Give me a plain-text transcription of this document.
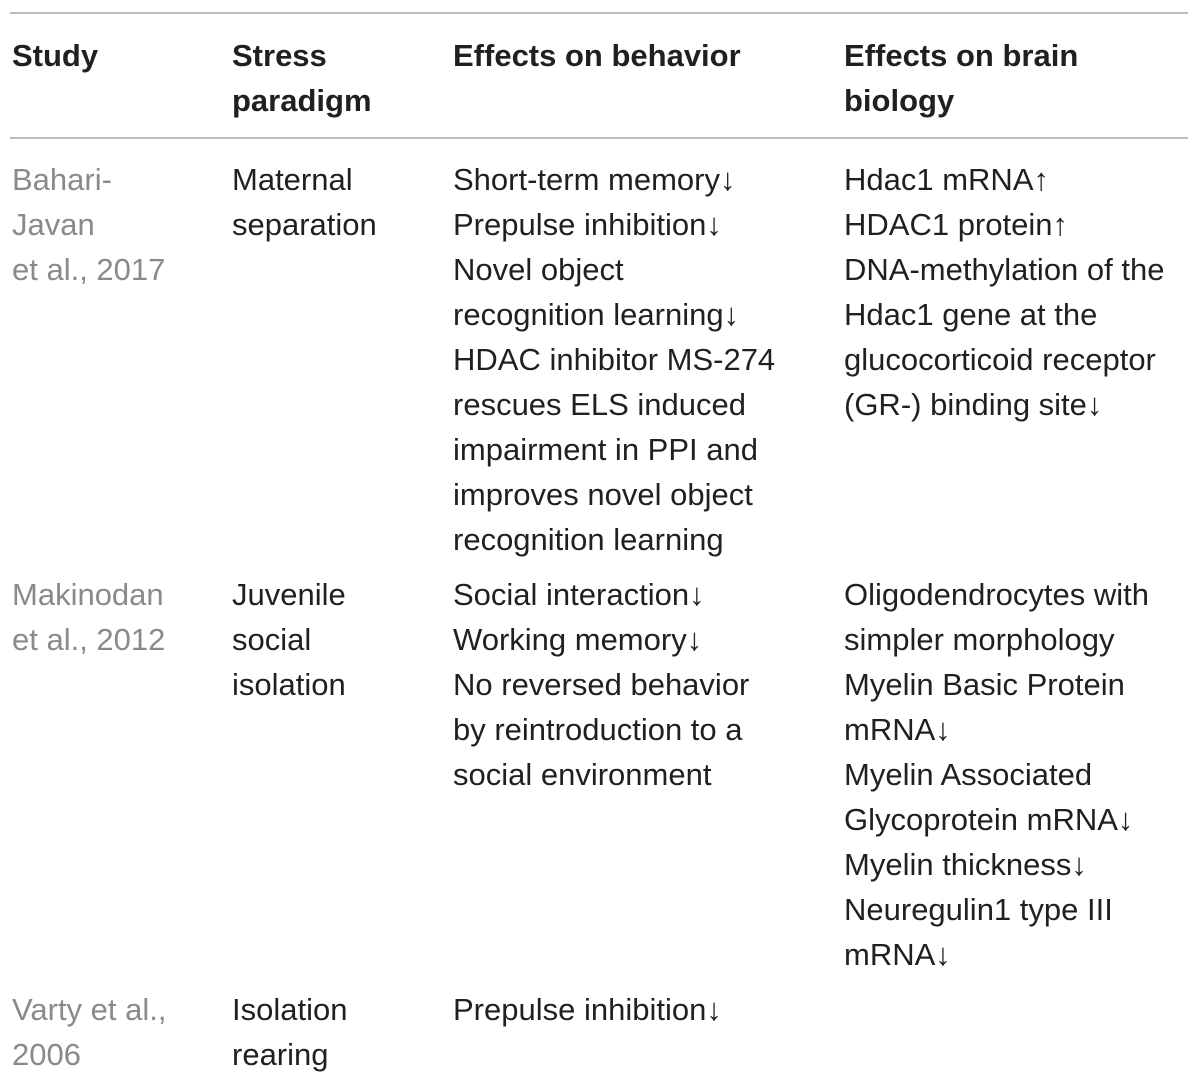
Study	Stress
paradigm
Effects on behavior	Effects on brain
biology
Bahari-
Javan
et al., 2017
Maternal
separation
Short-term memory↓
Prepulse inhibition↓
Novel object
recognition learning↓
HDAC inhibitor MS-274
rescues ELS induced
impairment in PPI and
improves novel object
recognition learning
Hdac1 mRNA↑
HDAC1 protein↑
DNA-methylation of the
Hdac1 gene at the
glucocorticoid receptor
(GR-) binding site↓
Makinodan
et al., 2012
Juvenile
social
isolation
Social interaction↓
Working memory↓
No reversed behavior
by reintroduction to a
social environment
Oligodendrocytes with
simpler morphology
Myelin Basic Protein
mRNA↓
Myelin Associated
Glycoprotein mRNA↓
Myelin thickness↓
Neuregulin1 type III
mRNA↓
Varty et al.,
2006
Isolation
rearing
Prepulse inhibition↓
